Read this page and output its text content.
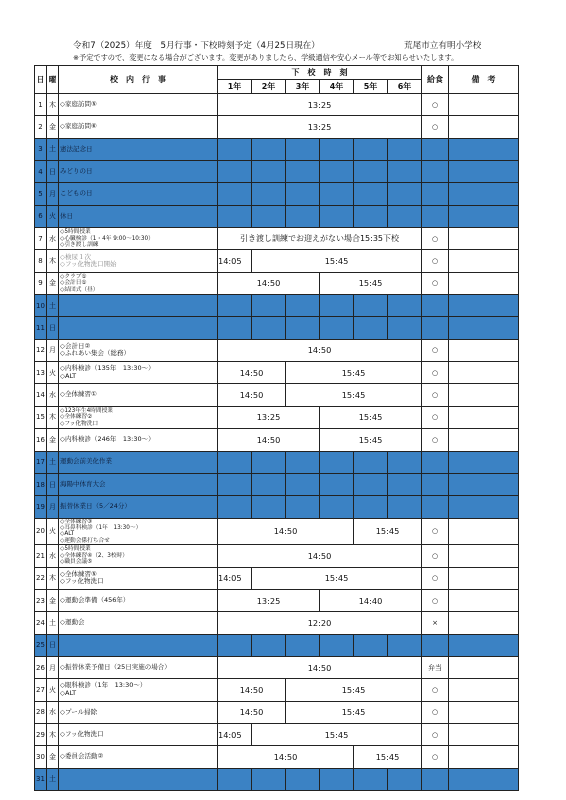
令和7（2025）年度　5月行事・下校時刻予定（4月25日現在）	荒尾市立有明小学校
※予定ですので、変更になる場合がございます。変更がありましたら、学級通信や安心メール等でお知らせいたします。
日	曜	校　内　行　事	下　校　時　刻						給食	備　考
			1年	2年	3年	4年	5年	6年		
1	木	◇家庭訪問⑤	13:25						○	
2	金	◇家庭訪問⑥	13:25						○	
3	土	憲法記念日								

4	日	みどりの日								

5	月	こどもの日								

6	火	休日								

7	水	◇5時間授業
◇心臓検診（1・4年 9:00～10:30）
◇引き渡し訓練	引き渡し訓練でお迎えがない場合15:35下校						○	
8	木	◇検尿１次
◇フッ化物洗口開始	14:05	15:45					○	
9	金	◇クラブ①
◇会計日①
◇結団式（昼）	14:50			15:45			○	
10	土	

11	日	

12	月	◇会計日②
◇ふれあい集会（総務）	14:50						○	
13	火	◇内科検診（135年　13:30～）
◇ALT	14:50		15:45				○	
14	水	◇全体練習①	14:50		15:45				○	
15	木	◇123年生4時間授業
◇全体練習②
◇フッ化物洗口	13:25			15:45			○	
16	金	◇内科検診（246年　13:30～）	14:50			15:45			○	
17	土	運動会前美化作業								

18	日	海陽中体育大会								

19	月	振替休業日（5／24分）								

20	火	◇全体練習③
◇耳鼻科検診（1年　13:30～）
◇ALT
◇運動会係打ち合せ	14:50				15:45		○	
21	水	◇5時間授業
◇全体練習④（2、3校時）
◇職員会議⑤	14:50						○	
22	木	◇全体練習⑤
◇フッ化物洗口	14:05	15:45					○	
23	金	◇運動会準備（456年）	13:25			14:40			○	
24	土	◇運動会	12:20						×	
25	日	

26	月	◇振替休業予備日（25日実施の場合）	14:50						弁当	
27	火	◇眼科検診（1年　13:30～）
◇ALT	14:50		15:45				○	
28	水	◇プール掃除	14:50		15:45				○	
29	木	◇フッ化物洗口	14:05	15:45					○	
30	金	◇委員会活動②	14:50				15:45		○	
31	土	
